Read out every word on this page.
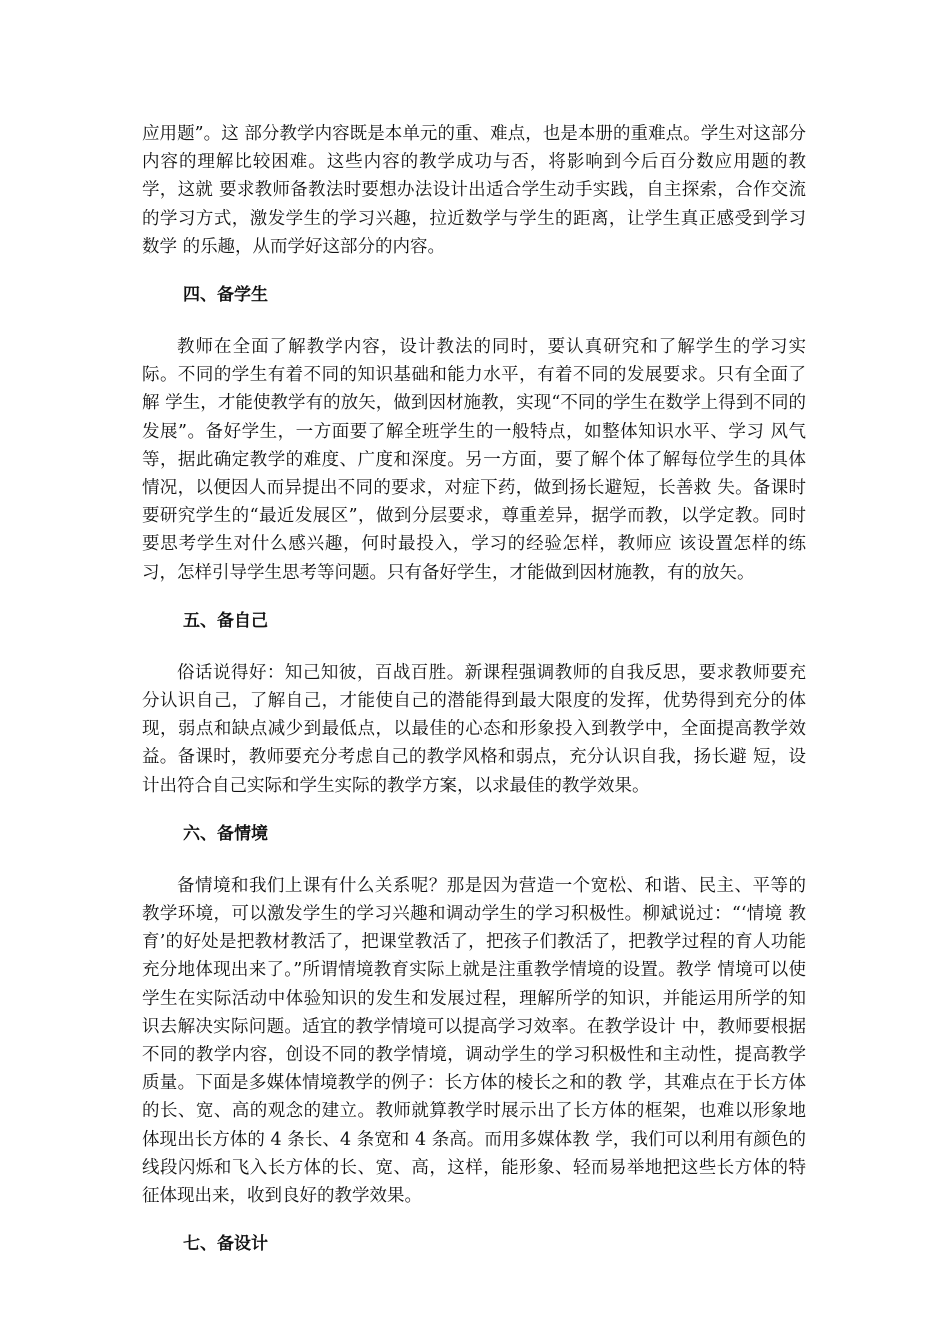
应用题”。这 部分教学内容既是本单元的重、难点，也是本册的重难点。学生对这部分内容的理解比较困难。这些内容的教学成功与否，将影响到今后百分数应用题的教学，这就 要求教师备教法时要想办法设计出适合学生动手实践，自主探索，合作交流的学习方式，激发学生的学习兴趣，拉近数学与学生的距离，让学生真正感受到学习数学 的乐趣，从而学好这部分的内容。

四、备学生

教师在全面了解教学内容，设计教法的同时，要认真研究和了解学生的学习实际。不同的学生有着不同的知识基础和能力水平，有着不同的发展要求。只有全面了解 学生，才能使教学有的放矢，做到因材施教，实现“不同的学生在数学上得到不同的发展”。备好学生，一方面要了解全班学生的一般特点，如整体知识水平、学习 风气等，据此确定教学的难度、广度和深度。另一方面，要了解个体了解每位学生的具体情况，以便因人而异提出不同的要求，对症下药，做到扬长避短，长善救 失。备课时要研究学生的“最近发展区”，做到分层要求，尊重差异，据学而教，以学定教。同时要思考学生对什么感兴趣，何时最投入，学习的经验怎样，教师应 该设置怎样的练习，怎样引导学生思考等问题。只有备好学生，才能做到因材施教，有的放矢。

五、备自己

俗话说得好：知己知彼，百战百胜。新课程强调教师的自我反思，要求教师要充分认识自己，了解自己，才能使自己的潜能得到最大限度的发挥，优势得到充分的体 现，弱点和缺点减少到最低点，以最佳的心态和形象投入到教学中，全面提高教学效益。备课时，教师要充分考虑自己的教学风格和弱点，充分认识自我，扬长避 短，设计出符合自己实际和学生实际的教学方案，以求最佳的教学效果。

六、备情境

备情境和我们上课有什么关系呢？那是因为营造一个宽松、和谐、民主、平等的教学环境，可以激发学生的学习兴趣和调动学生的学习积极性。柳斌说过：“‘情境 教育’的好处是把教材教活了，把课堂教活了，把孩子们教活了，把教学过程的育人功能充分地体现出来了。”所谓情境教育实际上就是注重教学情境的设置。教学 情境可以使学生在实际活动中体验知识的发生和发展过程，理解所学的知识，并能运用所学的知识去解决实际问题。适宜的教学情境可以提高学习效率。在教学设计 中，教师要根据不同的教学内容，创设不同的教学情境，调动学生的学习积极性和主动性，提高教学质量。下面是多媒体情境教学的例子：长方体的棱长之和的教 学，其难点在于长方体的长、宽、高的观念的建立。教师就算教学时展示出了长方体的框架，也难以形象地体现出长方体的 4 条长、4 条宽和 4 条高。而用多媒体教 学，我们可以利用有颜色的线段闪烁和飞入长方体的长、宽、高，这样，能形象、轻而易举地把这些长方体的特征体现出来，收到良好的教学效果。

七、备设计
